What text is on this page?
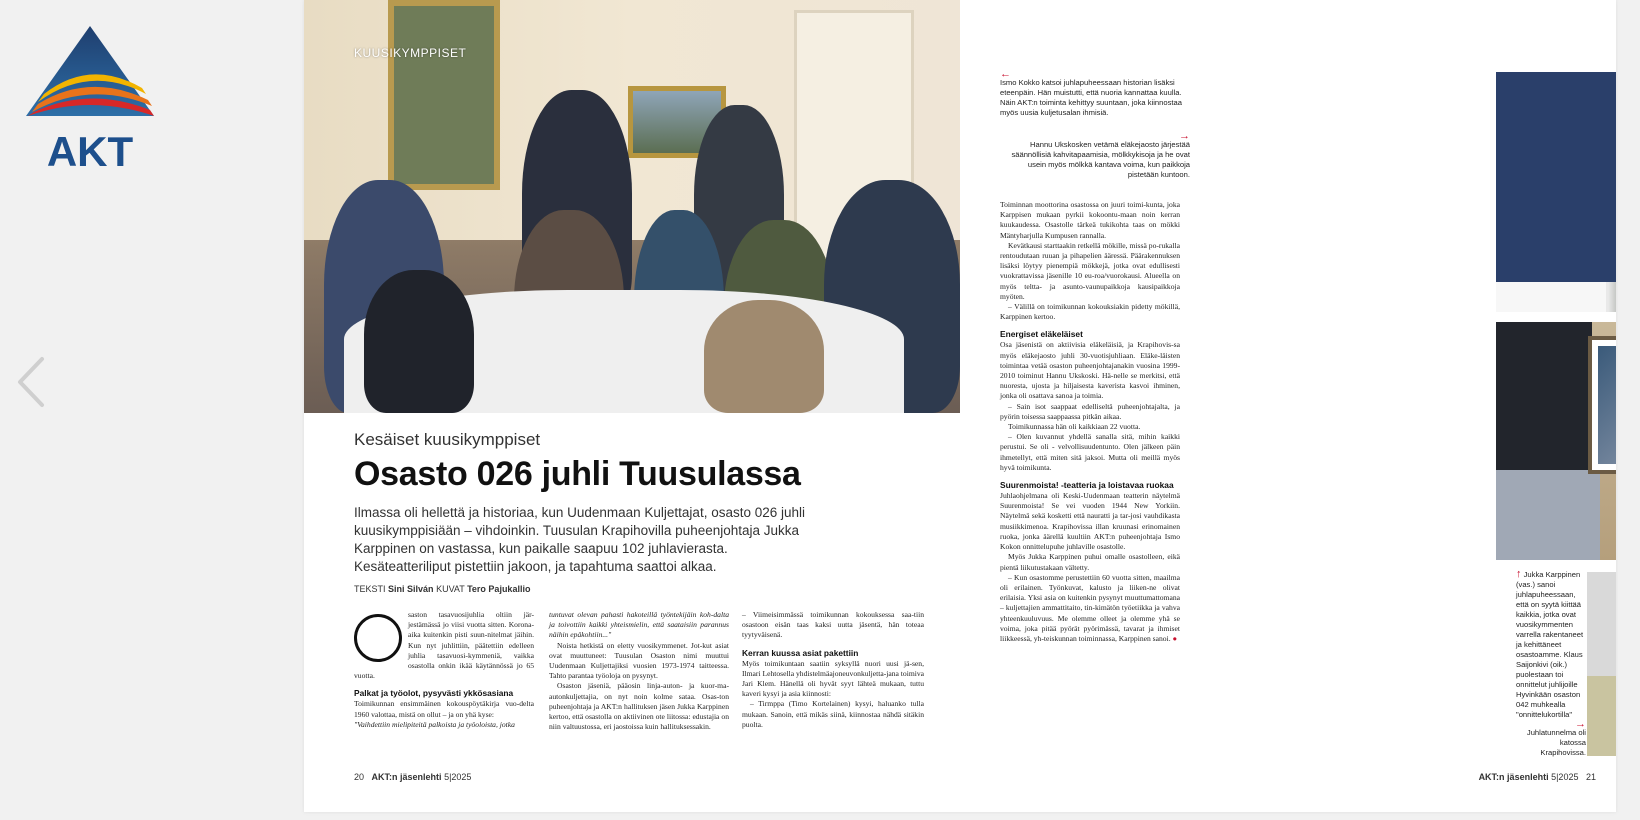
AKT
KUUSIKYMPPISET
Kesäiset kuusikymppiset
Osasto 026 juhli Tuusulassa

Ilmassa oli hellettä ja historiaa, kun Uudenmaan Kuljettajat, osasto 026 juhli kuusikymppisiään – vihdoinkin. Tuusulan Krapihovilla puheenjohtaja Jukka Karppinen on vastassa, kun paikalle saapuu 102 juhlavierasta. Kesäteatteriliput pistettiin jakoon, ja tapahtuma saattoi alkaa.

TEKSTI Sini Silván KUVAT Tero Pajukallio

saston tasavuosijuhlia oltiin jär-jestämässä jo viisi vuotta sitten. Korona-aika kuitenkin pisti suun-nitelmat jäihin. Kun nyt juhlittiin, päätettiin edelleen juhlia tasavuosi-kymmeniä, vaikka osastolla onkin ikää käytännössä jo 65 vuotta.

Palkat ja työolot, pysyvästi ykkösasiana

Toimikunnan ensimmäinen kokouspöytäkirja vuo-delta 1960 valottaa, mistä on ollut – ja on yhä kyse:

"Vaihdettiin mielipiteitä palkoista ja työoloista, jotka

tuntuvat olevan pahasti hakoteillä työntekijäin koh-dalta ja toivottiin kaikki yhteismielin, että saataisiin parannus näihin epäkohtiin..."

Noista hetkistä on eletty vuosikymmenet. Jot-kut asiat ovat muuttuneet: Tuusulan Osaston nimi muuttui Uudenmaan Kuljettajiksi vuosien 1973-1974 taitteessa. Tahto parantaa työoloja on pysynyt.

Osaston jäseniä, pääosin linja-auton- ja kuor-ma-autonkuljettajia, on nyt noin kolme sataa. Osas-ton puheenjohtaja ja AKT:n hallituksen jäsen Jukka Karppinen kertoo, että osastolla on aktiivinen ote liitossa: edustajia on niin valtuustossa, eri jaostoissa kuin hallituksessakin.

– Viimeisimmässä toimikunnan kokouksessa saa-tiin osastoon eisän taas kaksi uutta jäsentä, hän toteaa tyytyväisenä.

Kerran kuussa asiat pakettiin

Myös toimikuntaan saatiin syksyllä nuori uusi jä-sen, Ilmari Lehtosella yhdistelmäajoneuvonkuljetta-jana toimiva Jari Klem. Hänellä oli hyvät syyt lähteä mukaan, tuttu kaveri kysyi ja asia kiinnosti:

– Tirmppa (Timo Kortelainen) kysyi, haluanko tulla mukaan. Sanoin, että mikäs siinä, kiinnostaa nähdä sitäkin puolta.

20 AKT:n jäsenlehti 5|2025
←
Ismo Kokko katsoi juhlapuheessaan historian lisäksi eteenpäin. Hän muistutti, että nuoria kannattaa kuulla. Näin AKT:n toiminta kehittyy suuntaan, joka kiinnostaa myös uusia kuljetusalan ihmisiä.
→
Hannu Ukskosken vetämä eläkejaosto järjestää säännöllisiä kahvitapaamisia, mölkkykisoja ja he ovat usein myös mölkkä kantava voima, kun paikkoja pistetään kuntoon.

Toiminnan moottorina osastossa on juuri toimi-kunta, joka Karppisen mukaan pyrkii kokoontu-maan noin kerran kuukaudessa. Osastolle tärkeä tukikohta taas on mökki Mäntyharjulla Kumpusen rannalla.

Kevätkausi starttaakin retkellä mökille, missä po-rukalla rentoudutaan ruuan ja pihapelien ääressä. Päärakennuksen lisäksi löytyy pienempiä mökkejä, jotka ovat edullisesti vuokrattavissa jäsenille 10 eu-roa/vuorokausi. Alueella on myös teltta- ja asunto-vaunupaikkoja kausipaikkoja myöten.

– Välillä on toimikunnan kokouksiakin pidetty mökillä, Karppinen kertoo.

Energiset eläkeläiset

Osa jäsenistä on aktiivisia eläkeläisiä, ja Krapihovis-sa myös eläkejaosto juhli 30-vuotisjuhliaan. Eläke-läisten toimintaa vetää osaston puheenjohtajanakin vuosina 1999-2010 toiminut Hannu Ukskoski. Hä-nelle se merkitsi, että nuoresta, ujosta ja hiljaisesta kaverista kasvoi ihminen, jonka oli osattava sanoa ja toimia.

– Sain isot saappaat edelliseltä puheenjohtajalta, ja pyörin toisessa saappaassa pitkän aikaa.

Toimikunnassa hän oli kaikkiaan 22 vuotta.

– Olen kuvannut yhdellä sanalla sitä, mihin kaikki perustui. Se oli - velvollisuudentunto. Olen jälkeen päin ihmetellyt, että miten sitä jaksoi. Mutta oli meillä myös hyvä toimikunta.

Suurenmoista! -teatteria ja loistavaa ruokaa

Juhlaohjelmana oli Keski-Uudenmaan teatterin näytelmä Suurenmoista! Se vei vuoden 1944 New Yorkiin. Näytelmä sekä kosketti että nauratti ja tar-josi vauhdikasta musiikkimenoa. Krapihovissa illan kruunasi erinomainen ruoka, jonka äärellä kuultiin AKT:n puheenjohtaja Ismo Kokon onnittelupuhe juhlaville osastolle.

Myös Jukka Karppinen puhui omalle osastolleen, eikä pientä liikutustakaan vältetty.

– Kun osastomme perustettiin 60 vuotta sitten, maailma oli erilainen. Työnkuvat, kalusto ja liiken-ne olivat erilaisia. Yksi asia on kuitenkin pysynyt muuttumattomana – kuljettajien ammattitaito, tin-kimätön työetiikka ja vahva yhteenkuuluvuus. Me olemme olleet ja olemme yhä se voima, joka pitää pyörät pyörimässä, tavarat ja ihmiset liikkeessä, yh-teiskunnan toiminnassa, Karppinen sanoi. ●

↑ Jukka Karppinen (vas.) sanoi juhlapuheessaan, että on syytä kiittää kaikkia, jotka ovat vuosikymmenten varrella rakentaneet ja kehittäneet osastoamme. Klaus Saijonkivi (oik.) puolestaan toi onnittelut juhlijoille Hyvinkään osaston 042 muhkealla "onnittelukortilla"
→
Juhlatunnelma oli katossa Krapihovissa.
AKT:n jäsenlehti 5|2025 21
